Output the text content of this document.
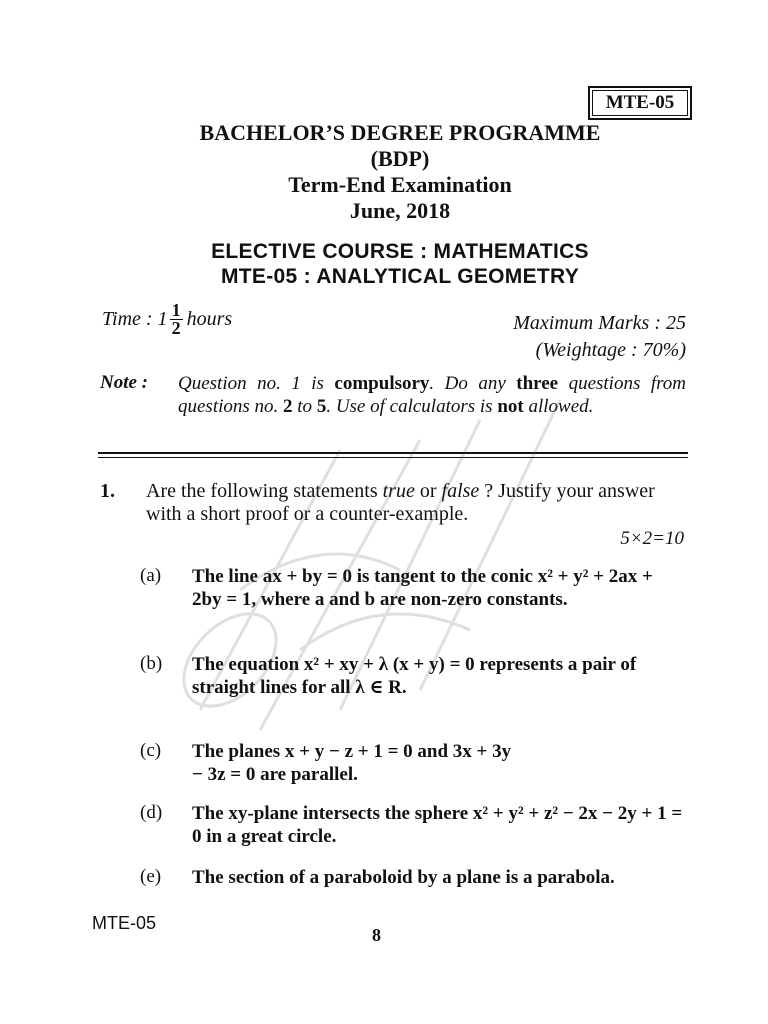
MTE-05
BACHELOR’S DEGREE PROGRAMME
(BDP)
Term-End Examination
June, 2018
ELECTIVE COURSE : MATHEMATICS
MTE-05 : ANALYTICAL GEOMETRY
Time : $1 \frac{1}{2}$ hours	Maximum Marks : 25
(Weightage : 70%)
Note : Question no. 1 is compulsory. Do any three questions from questions no. 2 to 5. Use of calculators is not allowed.
1. Are the following statements true or false ? Justify your answer with a short proof or a counter-example.
5×2=10
(a) The line ax + by = 0 is tangent to the conic x² + y² + 2ax + 2by = 1, where a and b are non-zero constants.
(b) The equation x² + xy + λ (x + y) = 0 represents a pair of straight lines for all λ ∈ R.
(c) The planes x + y − z + 1 = 0 and 3x + 3y − 3z = 0 are parallel.
(d) The xy-plane intersects the sphere x² + y² + z² − 2x − 2y + 1 = 0 in a great circle.
(e) The section of a paraboloid by a plane is a parabola.
MTE-05
8
